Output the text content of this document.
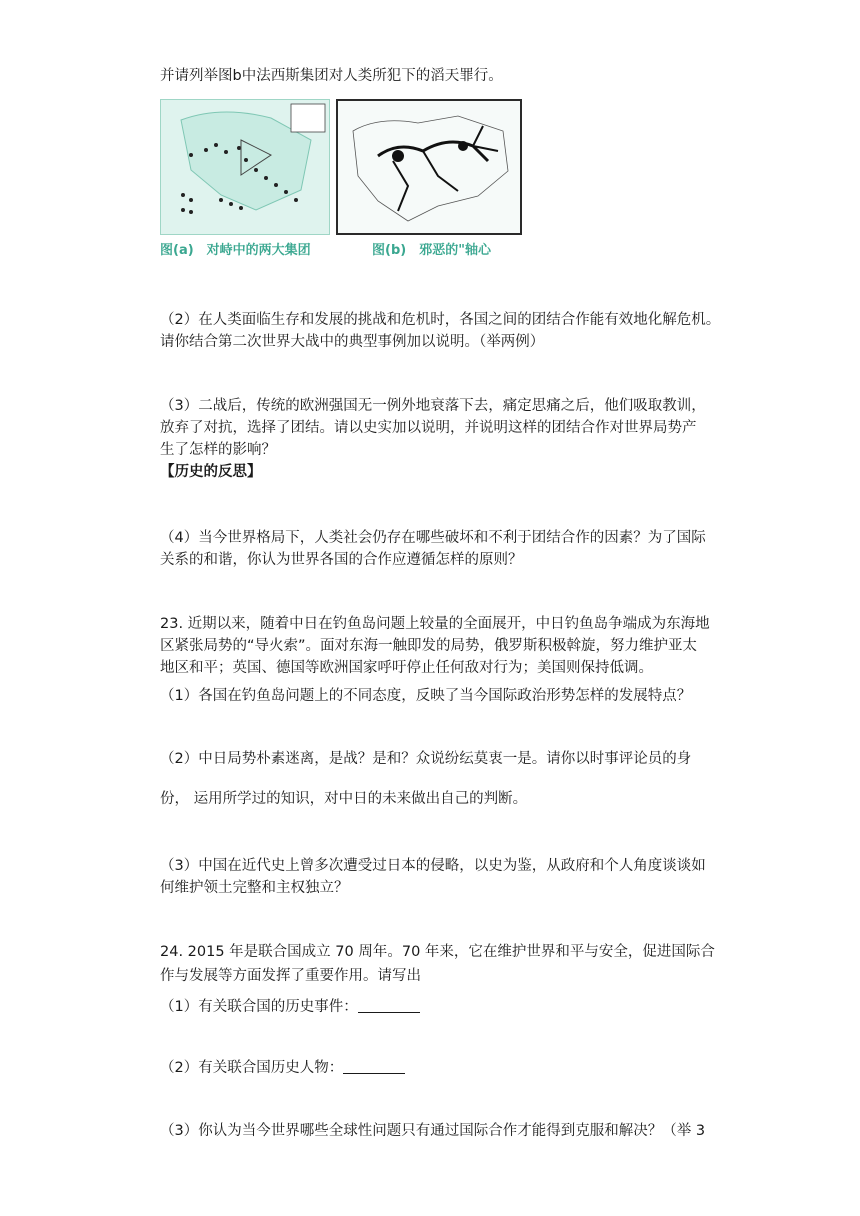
并请列举图b中法西斯集团对人类所犯下的滔天罪行。
图(a)　对峙中的两大集团	图(b)　邪恶的"轴心
（2）在人类面临生存和发展的挑战和危机时，各国之间的团结合作能有效地化解危机。
请你结合第二次世界大战中的典型事例加以说明。（举两例）
（3）二战后，传统的欧洲强国无一例外地衰落下去，痛定思痛之后，他们吸取教训，
放弃了对抗，选择了团结。请以史实加以说明，并说明这样的团结合作对世界局势产
生了怎样的影响？
【历史的反思】
（4）当今世界格局下，人类社会仍存在哪些破坏和不利于团结合作的因素？为了国际
关系的和谐，你认为世界各国的合作应遵循怎样的原则？
23. 近期以来，随着中日在钓鱼岛问题上较量的全面展开，中日钓鱼岛争端成为东海地
区紧张局势的“导火索”。面对东海一触即发的局势，俄罗斯积极斡旋，努力维护亚太
地区和平；英国、德国等欧洲国家呼吁停止任何敌对行为；美国则保持低调。
（1）各国在钓鱼岛问题上的不同态度，反映了当今国际政治形势怎样的发展特点？
（2）中日局势朴素迷离，是战？是和？众说纷纭莫衷一是。请你以时事评论员的身
份， 运用所学过的知识，对中日的未来做出自己的判断。
（3）中国在近代史上曾多次遭受过日本的侵略，以史为鉴，从政府和个人角度谈谈如
何维护领土完整和主权独立？
24. 2015 年是联合国成立 70 周年。70 年来，它在维护世界和平与安全，促进国际合
作与发展等方面发挥了重要作用。请写出
（1）有关联合国的历史事件：
（2）有关联合国历史人物：
（3）你认为当今世界哪些全球性问题只有通过国际合作才能得到克服和解决？（举 3
